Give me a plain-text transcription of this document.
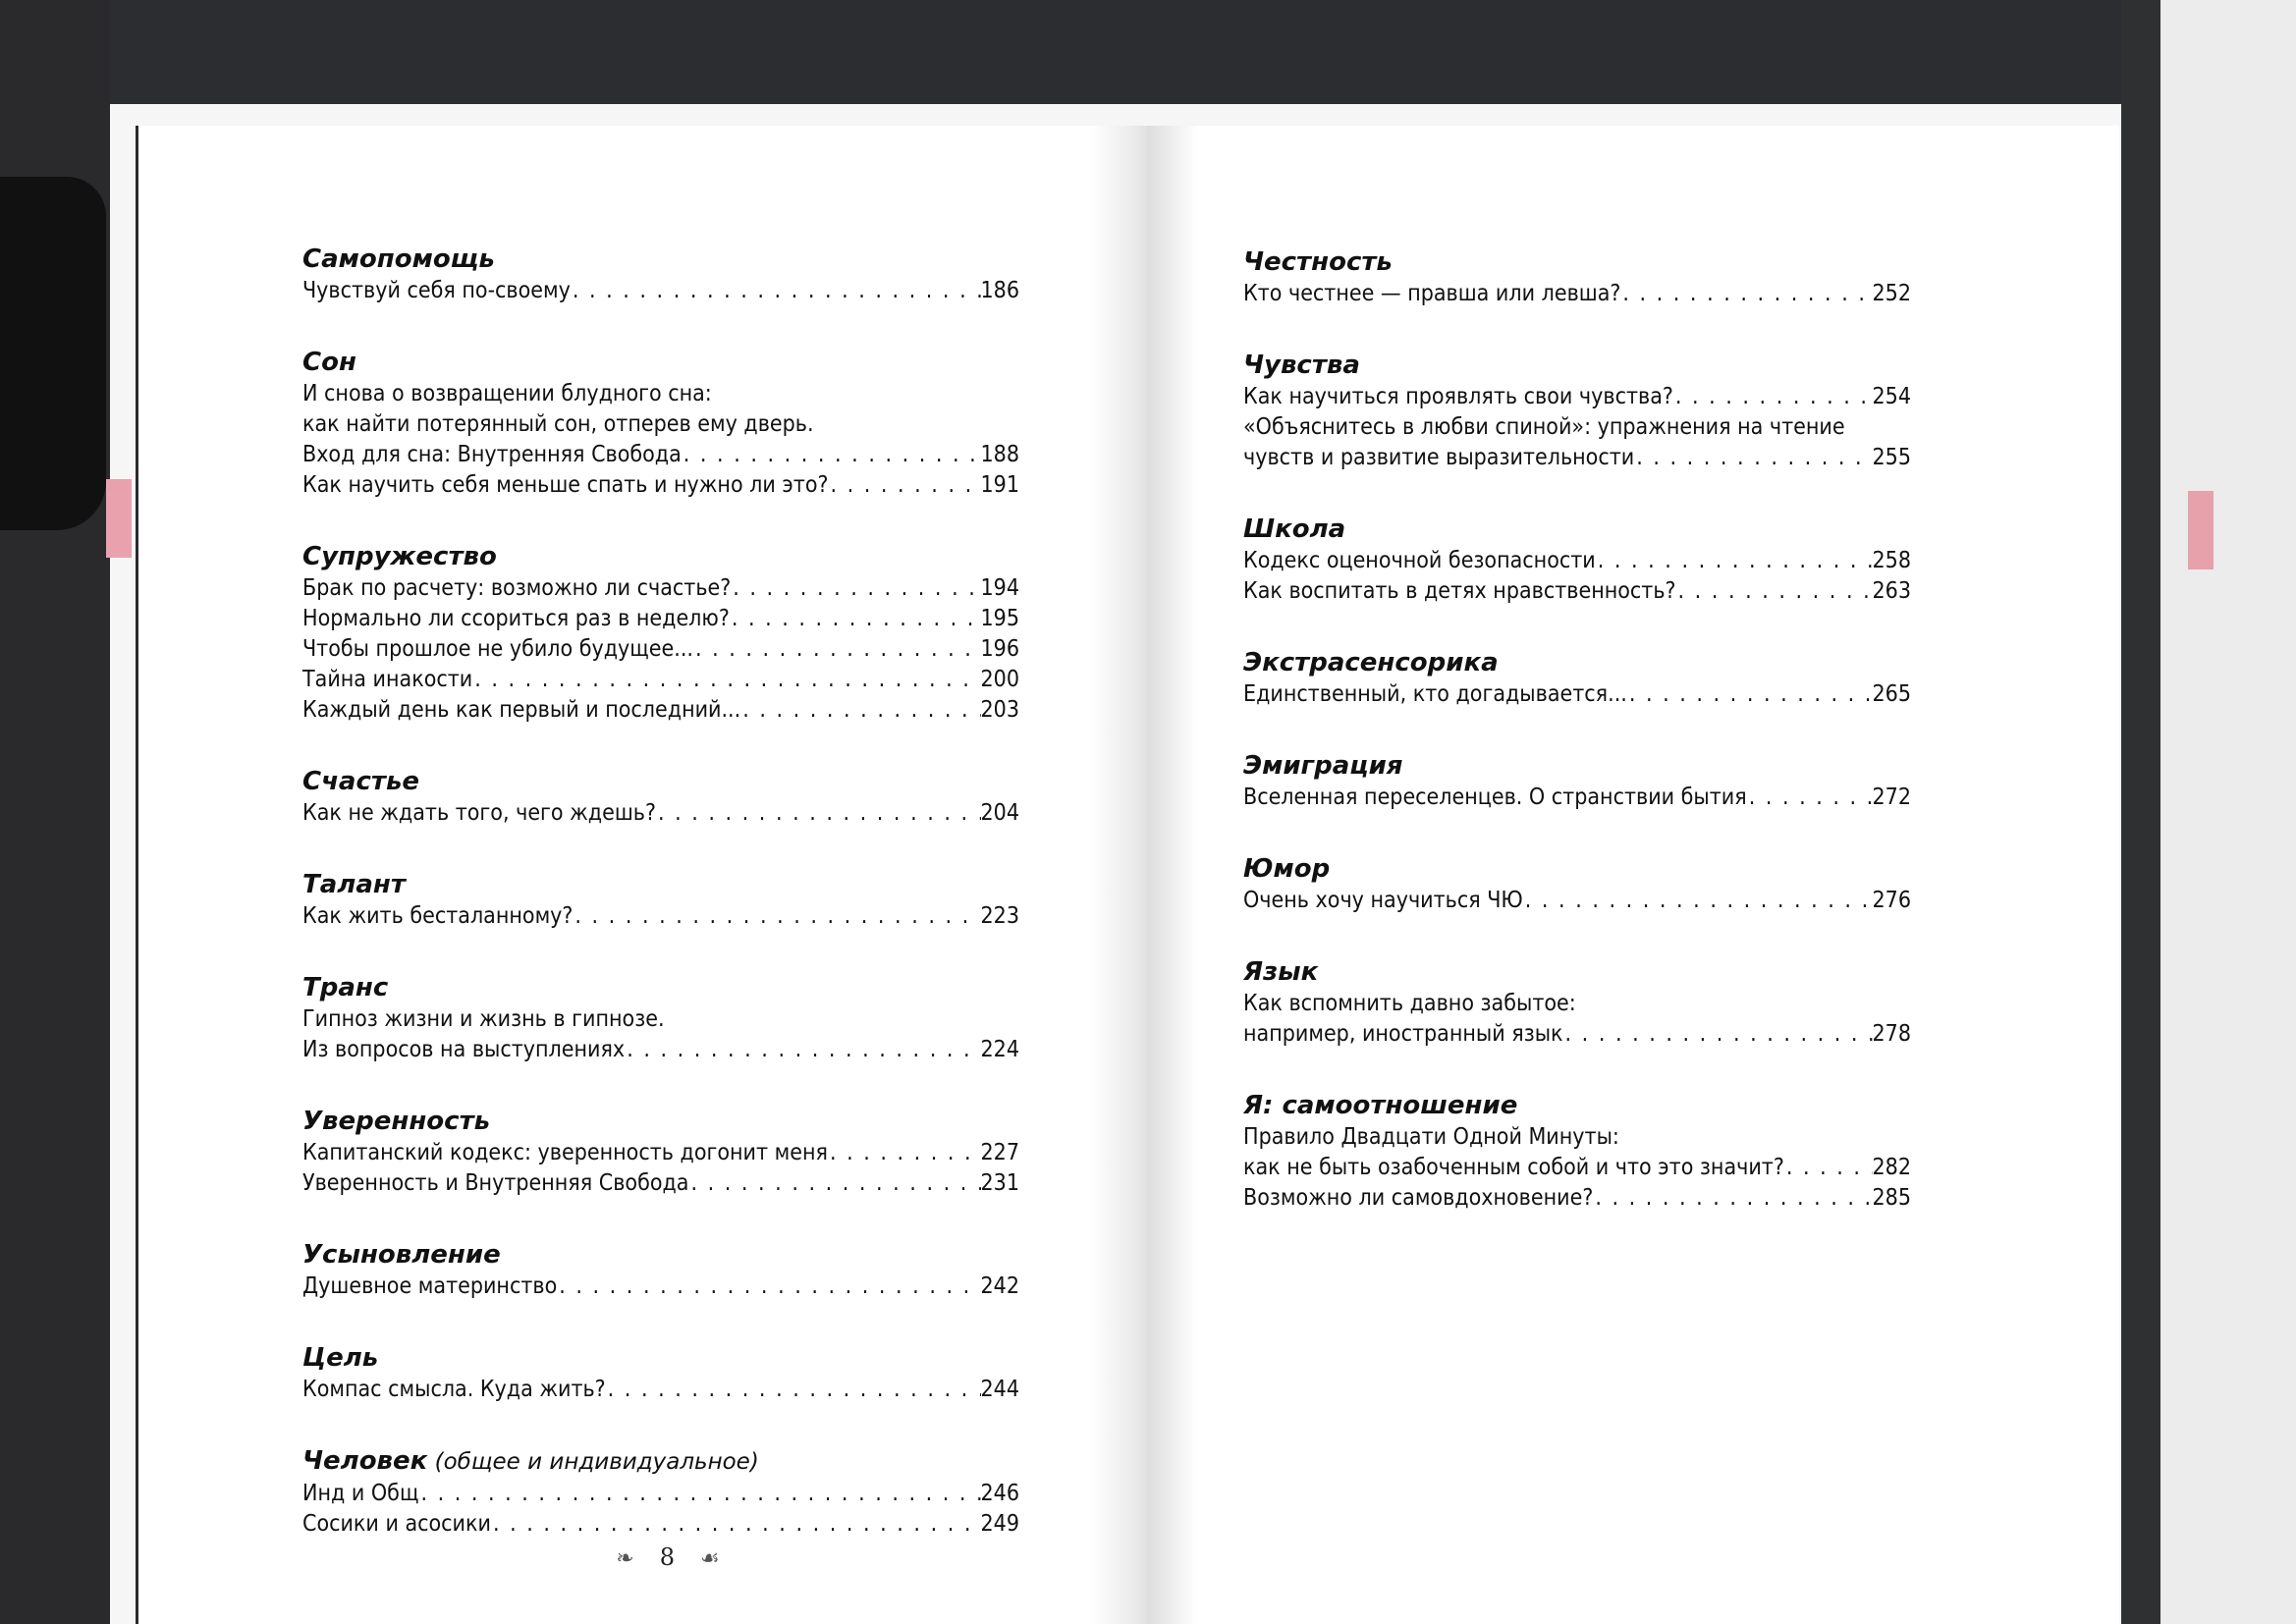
Самопомощь
Чувствуй себя по-своему . . .	186
Сон
И снова о возвращении блудного сна:
как найти потерянный сон, отперев ему дверь.
Вход для сна: Внутренняя Свобода . . .	188
Как научить себя меньше спать и нужно ли это? . . .	191
Супружество
Брак по расчету: возможно ли счастье? . . .	194
Нормально ли ссориться раз в неделю? . . .	195
Чтобы прошлое не убило будущее... . . .	196
Тайна инакости . . .	200
Каждый день как первый и последний... . . .	203
Счастье
Как не ждать того, чего ждешь? . . .	204
Талант
Как жить бесталанному? . . .	223
Транс
Гипноз жизни и жизнь в гипнозе.
Из вопросов на выступлениях . . .	224
Уверенность
Капитанский кодекс: уверенность догонит меня . . .	227
Уверенность и Внутренняя Свобода . . .	231
Усыновление
Душевное материнство . . .	242
Цель
Компас смысла. Куда жить? . . .	244
Человек (общее и индивидуальное)
Инд и Общ . . .	246
Сосики и асосики . . .	249
Честность
Кто честнее — правша или левша? . . .	252
Чувства
Как научиться проявлять свои чувства? . . .	254
«Объяснитесь в любви спиной»: упражнения на чтение
чувств и развитие выразительности . . .	255
Школа
Кодекс оценочной безопасности . . .	258
Как воспитать в детях нравственность? . . .	263
Экстрасенсорика
Единственный, кто догадывается... . . .	265
Эмиграция
Вселенная переселенцев. О странствии бытия . . .	272
Юмор
Очень хочу научиться ЧЮ . . .	276
Язык
Как вспомнить давно забытое:
например, иностранный язык . . .	278
Я: самоотношение
Правило Двадцати Одной Минуты:
как не быть озабоченным собой и что это значит? . . .	282
Возможно ли самовдохновение? . . .	285
❧ 8 ☙
